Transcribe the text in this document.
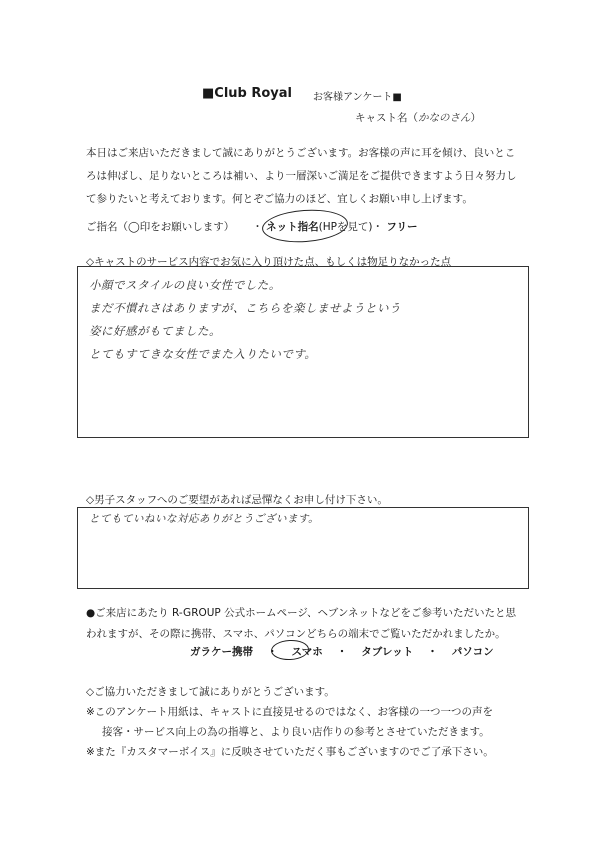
■Club Royal お客様アンケート■
キャスト名（かなのさん）
本日はご来店いただきまして誠にありがとうございます。お客様の声に耳を傾け、良いとこ
ろは伸ばし、足りないところは補い、より一層深いご満足をご提供できますよう日々努力し
て参りたいと考えております。何とぞご協力のほど、宜しくお願い申し上げます。
ご指名（◯印をお願いします） ・ ネット指名(HPを見て)・ フリー
◇キャストのサービス内容でお気に入り頂けた点、もしくは物足りなかった点
小顔でスタイルの良い女性でした。
まだ不慣れさはありますが、こちらを楽しませようという
姿に好感がもてました。
とてもすてきな女性でまた入りたいです。
◇男子スタッフへのご要望があれば忌憚なくお申し付け下さい。
とてもていねいな対応ありがとうございます。
●ご来店にあたり R-GROUP 公式ホームページ、ヘブンネットなどをご参考いただいたと思
われますが、その際に携帯、スマホ、パソコンどちらの端末でご覧いただかれましたか。
ガラケー携帯 ・ スマホ ・ タブレット ・ パソコン
◇ご協力いただきまして誠にありがとうございます。
※このアンケート用紙は、キャストに直接見せるのではなく、お客様の一つ一つの声を
接客・サービス向上の為の指導と、より良い店作りの参考とさせていただきます。
※また『カスタマーボイス』に反映させていただく事もございますのでご了承下さい。
